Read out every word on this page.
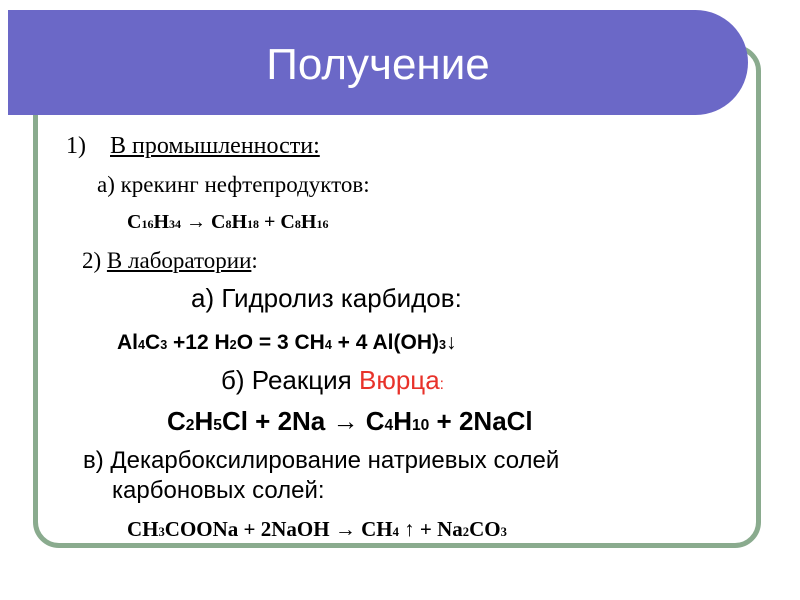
Получение
1) В промышленности:
а) крекинг нефтепродуктов:
C16H34 → C8H18 + C8H16
2) В лаборатории:
а) Гидролиз карбидов:
Al4C3 +12 H2O = 3 CH4 + 4 Al(OH)3↓
б) Реакция Вюрца:
C2H5Cl + 2Na → C4H10 + 2NaCl
в) Декарбоксилирование натриевых солей
карбоновых солей:
CH3COONa + 2NaOH → CH4 ↑ + Na2CO3
